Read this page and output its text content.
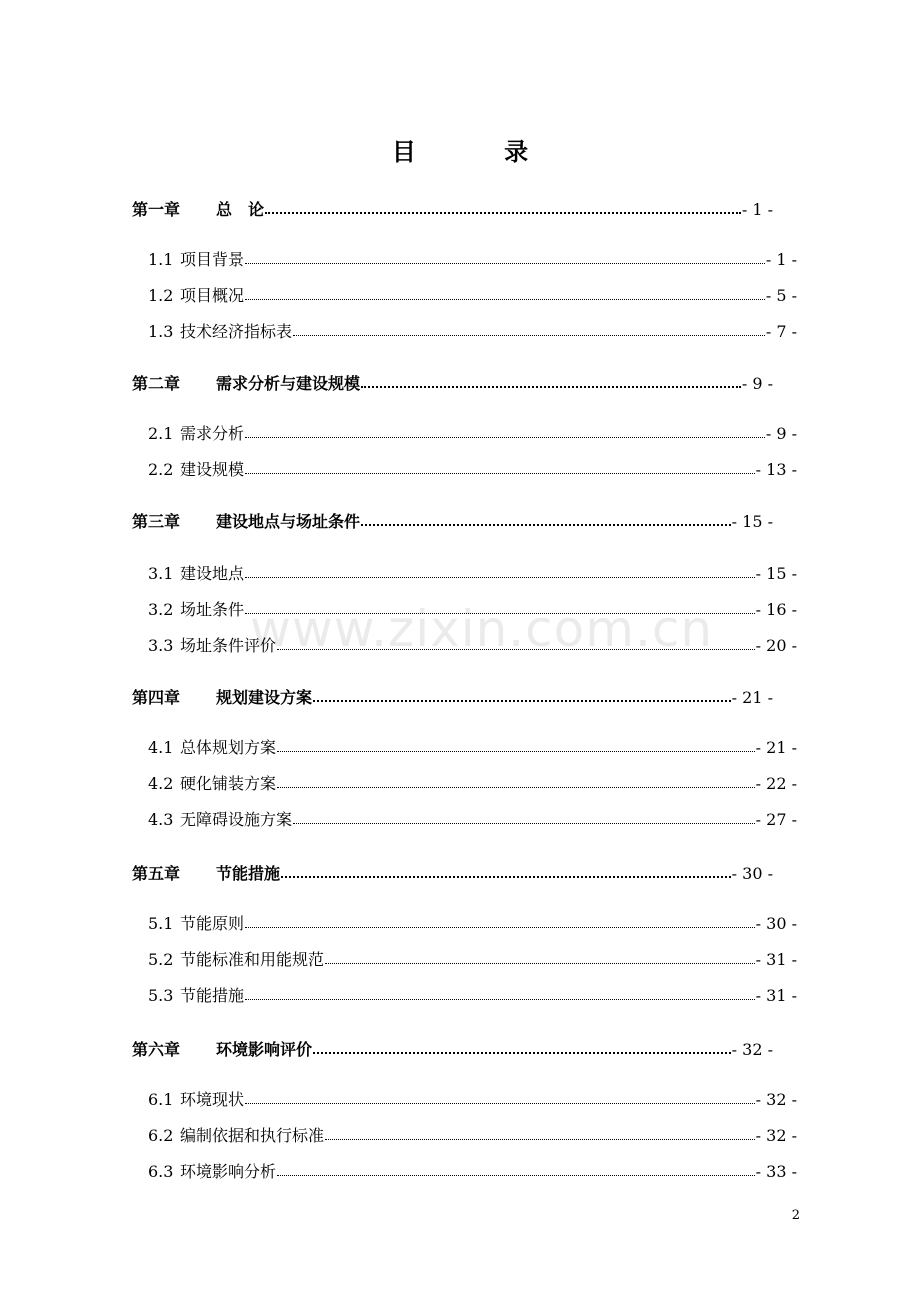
目 录
第一章	总　论	- 1 -
1.1 项目背景	- 1 -
1.2 项目概况	- 5 -
1.3 技术经济指标表	- 7 -
第二章	需求分析与建设规模	- 9 -
2.1 需求分析	- 9 -
2.2 建设规模	- 13 -
第三章	建设地点与场址条件	- 15 -
3.1 建设地点	- 15 -
3.2 场址条件	- 16 -
3.3 场址条件评价	- 20 -
第四章	规划建设方案	- 21 -
4.1 总体规划方案	- 21 -
4.2 硬化铺装方案	- 22 -
4.3 无障碍设施方案	- 27 -
第五章	节能措施	- 30 -
5.1 节能原则	- 30 -
5.2 节能标准和用能规范	- 31 -
5.3 节能措施	- 31 -
第六章	环境影响评价	- 32 -
6.1 环境现状	- 32 -
6.2 编制依据和执行标准	- 32 -
6.3 环境影响分析	- 33 -
www.zixin.com.cn
2
